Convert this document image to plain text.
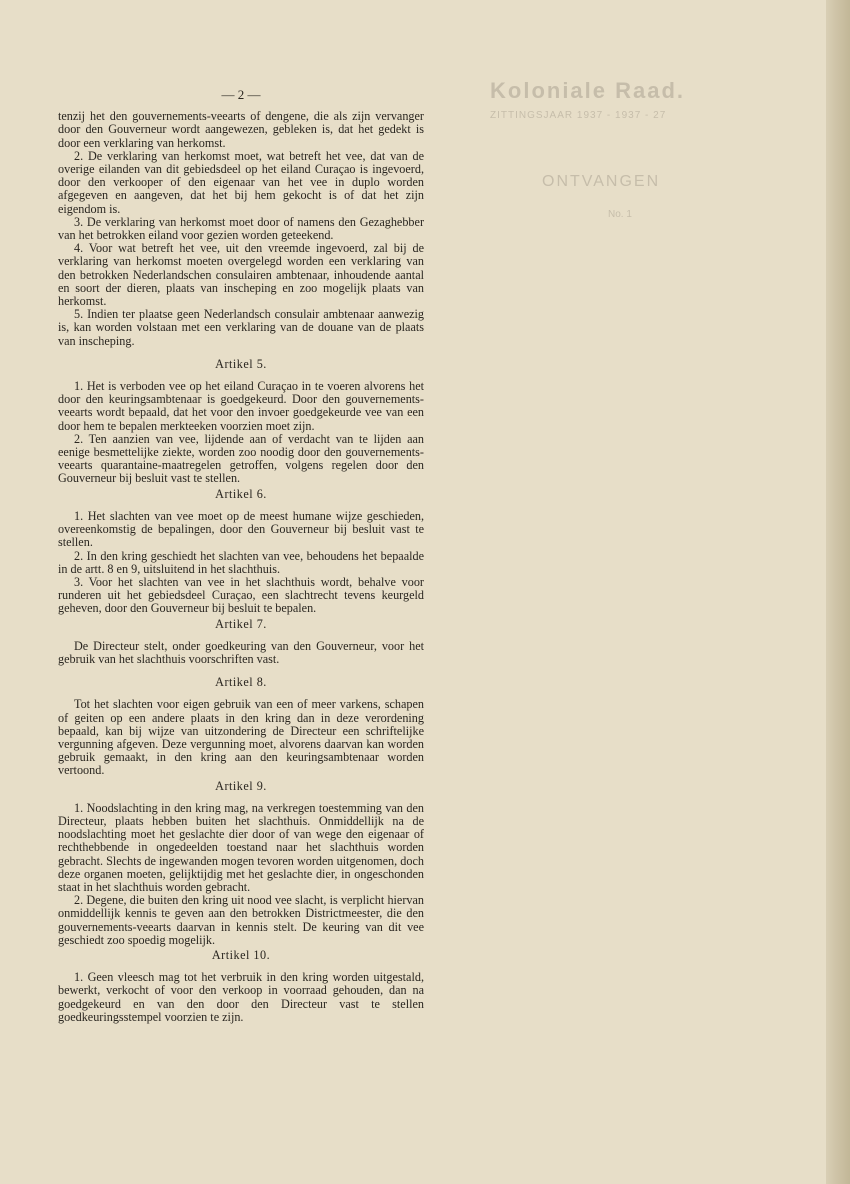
Koloniale Raad.
ZITTINGSJAAR 1937 - 1937 - 27
ONTVANGEN
No. 1
— 2 —

tenzij het den gouvernements-veearts of dengene, die als zijn vervanger door den Gouverneur wordt aangewezen, gebleken is, dat het gedekt is door een verklaring van herkomst.

2. De verklaring van herkomst moet, wat betreft het vee, dat van de overige eilanden van dit gebiedsdeel op het eiland Curaçao is ingevoerd, door den verkooper of den eigenaar van het vee in duplo worden afgegeven en aangeven, dat het bij hem gekocht is of dat het zijn eigendom is.

3. De verklaring van herkomst moet door of namens den Gezaghebber van het betrokken eiland voor gezien worden geteekend.

4. Voor wat betreft het vee, uit den vreemde ingevoerd, zal bij de verklaring van herkomst moeten overgelegd worden een verklaring van den betrokken Nederlandschen consulairen ambtenaar, inhoudende aantal en soort der dieren, plaats van inscheping en zoo mogelijk plaats van herkomst.

5. Indien ter plaatse geen Nederlandsch consulair ambtenaar aanwezig is, kan worden volstaan met een verklaring van de douane van de plaats van inscheping.

Artikel 5.

1. Het is verboden vee op het eiland Curaçao in te voeren alvorens het door den keuringsambtenaar is goedgekeurd. Door den gouvernements-veearts wordt bepaald, dat het voor den invoer goedgekeurde vee van een door hem te bepalen merkteeken voorzien moet zijn.

2. Ten aanzien van vee, lijdende aan of verdacht van te lijden aan eenige besmettelijke ziekte, worden zoo noodig door den gouvernements-veearts quarantaine-maatregelen getroffen, volgens regelen door den Gouverneur bij besluit vast te stellen.

Artikel 6.

1. Het slachten van vee moet op de meest humane wijze geschieden, overeenkomstig de bepalingen, door den Gouverneur bij besluit vast te stellen.

2. In den kring geschiedt het slachten van vee, behoudens het bepaalde in de artt. 8 en 9, uitsluitend in het slachthuis.

3. Voor het slachten van vee in het slachthuis wordt, behalve voor runderen uit het gebiedsdeel Curaçao, een slachtrecht tevens keurgeld geheven, door den Gouverneur bij besluit te bepalen.

Artikel 7.

De Directeur stelt, onder goedkeuring van den Gouverneur, voor het gebruik van het slachthuis voorschriften vast.

Artikel 8.

Tot het slachten voor eigen gebruik van een of meer varkens, schapen of geiten op een andere plaats in den kring dan in deze verordening bepaald, kan bij wijze van uitzondering de Directeur een schriftelijke vergunning afgeven. Deze vergunning moet, alvorens daarvan kan worden gebruik gemaakt, in den kring aan den keuringsambtenaar worden vertoond.

Artikel 9.

1. Noodslachting in den kring mag, na verkregen toestemming van den Directeur, plaats hebben buiten het slachthuis. Onmiddellijk na de noodslachting moet het geslachte dier door of van wege den eigenaar of rechthebbende in ongedeelden toestand naar het slachthuis worden gebracht. Slechts de ingewanden mogen tevoren worden uitgenomen, doch deze organen moeten, gelijktijdig met het geslachte dier, in ongeschonden staat in het slachthuis worden gebracht.

2. Degene, die buiten den kring uit nood vee slacht, is verplicht hiervan onmiddellijk kennis te geven aan den betrokken Districtmeester, die den gouvernements-veearts daarvan in kennis stelt. De keuring van dit vee geschiedt zoo spoedig mogelijk.

Artikel 10.

1. Geen vleesch mag tot het verbruik in den kring worden uitgestald, bewerkt, verkocht of voor den verkoop in voorraad gehouden, dan na goedgekeurd en van den door den Directeur vast te stellen goedkeuringsstempel voorzien te zijn.
